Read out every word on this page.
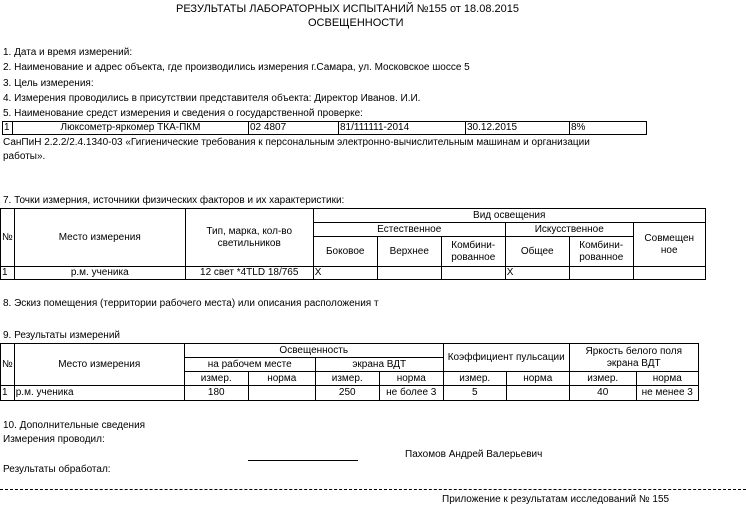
РЕЗУЛЬТАТЫ ЛАБОРАТОРНЫХ ИСПЫТАНИЙ №155 от 18.08.2015
ОСВЕЩЕННОСТИ
1. Дата и время измерений:
2. Наименование и адрес объекта, где производились измерения г.Самара, ул. Московское шоссе 5
3. Цель измерения:
4. Измерения проводились в присутствии представителя объекта: Директор Иванов. И.И.
5. Наименование средст измерения и сведения о государственной проверке:
1	Люксометр-яркомер ТКА-ПКМ	02 4807	81/111111-2014	30.12.2015	8%
СанПиН 2.2.2/2.4.1340-03 «Гигиенические требования к персональным электронно-вычислительным машинам и организации
работы».
7. Точки измерния, источники физических факторов и их характеристики:
№	Место измерения	Тип, марка, кол-во светильников	Вид освещения					
			Естественное			Искусственное		Совмещен ное
			Боковое	Верхнее	Комбини-рованное	Общее	Комбини-рованное	
1	р.м. ученика	12 свет *4TLD 18/765	X			X		
8. Эскиз помещения (территории рабочего места) или описания расположения т
9. Результаты измерений
№	Место измерения	Освещенность				Коэффициент пульсации		Яркость белого поля экрана ВДТ	
		на рабочем месте		экрана ВДТ					
		измер.	норма	измер.	норма	измер.	норма	измер.	норма
1	р.м. ученика	180		250	не более 3	5		40	не менее 3
10. Дополнительные сведения
Измерения проводил:
Пахомов Андрей Валерьевич
Результаты обработал:
Приложение к результатам исследований № 155
